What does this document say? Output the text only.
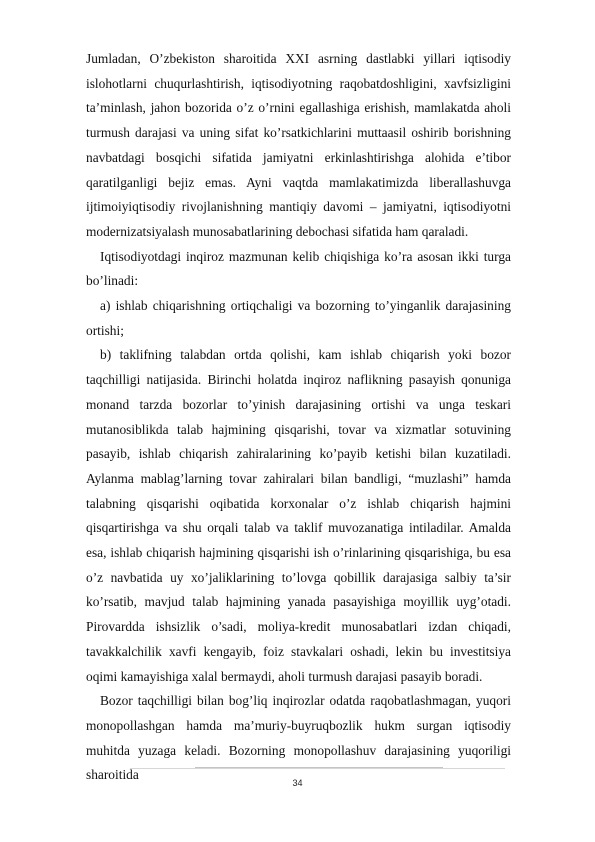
Jumladan, O’zbekiston sharoitida XXI asrning dastlabki yillari iqtisodiy islohotlarni chuqurlashtirish, iqtisodiyotning raqobatdoshligini, xavfsizligini ta’minlash, jahon bozorida o’z o’rnini egallashiga erishish, mamlakatda aholi turmush darajasi va uning sifat ko’rsatkichlarini muttaasil oshirib borishning navbatdagi bosqichi sifatida jamiyatni erkinlashtirishga alohida e’tibor qaratilganligi bejiz emas. Ayni vaqtda mamlakatimizda liberallashuvga ijtimoiyiqtisodiy rivojlanishning mantiqiy davomi – jamiyatni, iqtisodiyotni modernizatsiyalash munosabatlarining debochasi sifatida ham qaraladi.

Iqtisodiyotdagi inqiroz mazmunan kelib chiqishiga ko’ra asosan ikki turga bo’linadi:

a) ishlab chiqarishning ortiqchaligi va bozorning to’yinganlik darajasining ortishi;

b) taklifning talabdan ortda qolishi, kam ishlab chiqarish yoki bozor taqchilligi natijasida. Birinchi holatda inqiroz naflikning pasayish qonuniga monand tarzda bozorlar to’yinish darajasining ortishi va unga teskari mutanosiblikda talab hajmining qisqarishi, tovar va xizmatlar sotuvining pasayib, ishlab chiqarish zahiralarining ko’payib ketishi bilan kuzatiladi. Aylanma mablag’larning tovar zahiralari bilan bandligi, “muzlashi” hamda talabning qisqarishi oqibatida korxonalar o’z ishlab chiqarish hajmini qisqartirishga va shu orqali talab va taklif muvozanatiga intiladilar. Amalda esa, ishlab chiqarish hajmining qisqarishi ish o’rinlarining qisqarishiga, bu esa o’z navbatida uy xo’jaliklarining to’lovga qobillik darajasiga salbiy ta’sir ko’rsatib, mavjud talab hajmining yanada pasayishiga moyillik uyg’otadi. Pirovardda ishsizlik o’sadi, moliya-kredit munosabatlari izdan chiqadi, tavakkalchilik xavfi kengayib, foiz stavkalari oshadi, lekin bu investitsiya oqimi kamayishiga xalal bermaydi, aholi turmush darajasi pasayib boradi.

Bozor taqchilligi bilan bog’liq inqirozlar odatda raqobatlashmagan, yuqori monopollashgan hamda ma’muriy-buyruqbozlik hukm surgan iqtisodiy muhitda yuzaga keladi. Bozorning monopollashuv darajasining yuqoriligi sharoitida

34
